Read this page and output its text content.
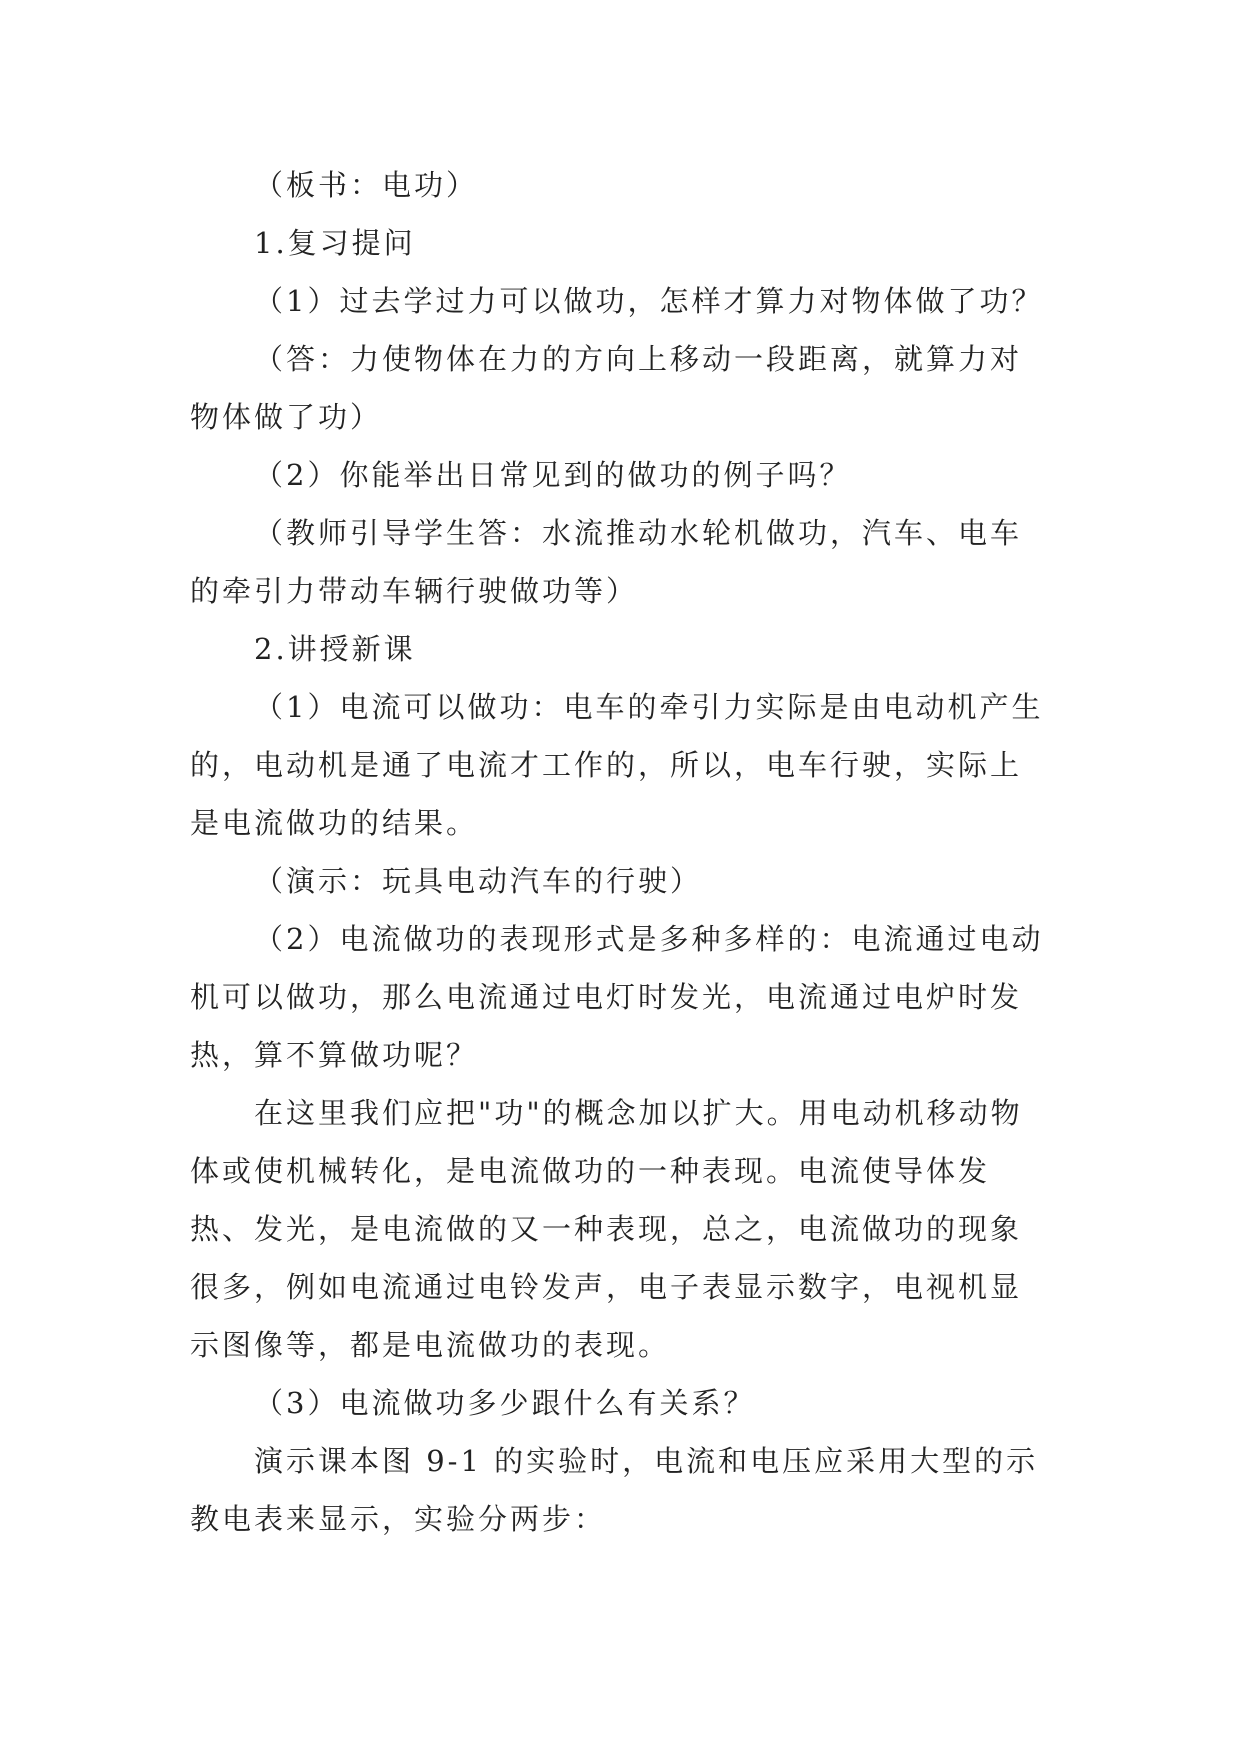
（板书：电功）

1.复习提问

（1）过去学过力可以做功，怎样才算力对物体做了功？

（答：力使物体在力的方向上移动一段距离，就算力对物体做了功）

（2）你能举出日常见到的做功的例子吗？

（教师引导学生答：水流推动水轮机做功，汽车、电车的牵引力带动车辆行驶做功等）

2.讲授新课

（1）电流可以做功：电车的牵引力实际是由电动机产生的，电动机是通了电流才工作的，所以，电车行驶，实际上是电流做功的结果。

（演示：玩具电动汽车的行驶）

（2）电流做功的表现形式是多种多样的：电流通过电动机可以做功，那么电流通过电灯时发光，电流通过电炉时发热，算不算做功呢？

在这里我们应把"功"的概念加以扩大。用电动机移动物体或使机械转化，是电流做功的一种表现。电流使导体发热、发光，是电流做的又一种表现，总之，电流做功的现象很多，例如电流通过电铃发声，电子表显示数字，电视机显示图像等，都是电流做功的表现。

（3）电流做功多少跟什么有关系？

演示课本图 9-1 的实验时，电流和电压应采用大型的示教电表来显示，实验分两步：
